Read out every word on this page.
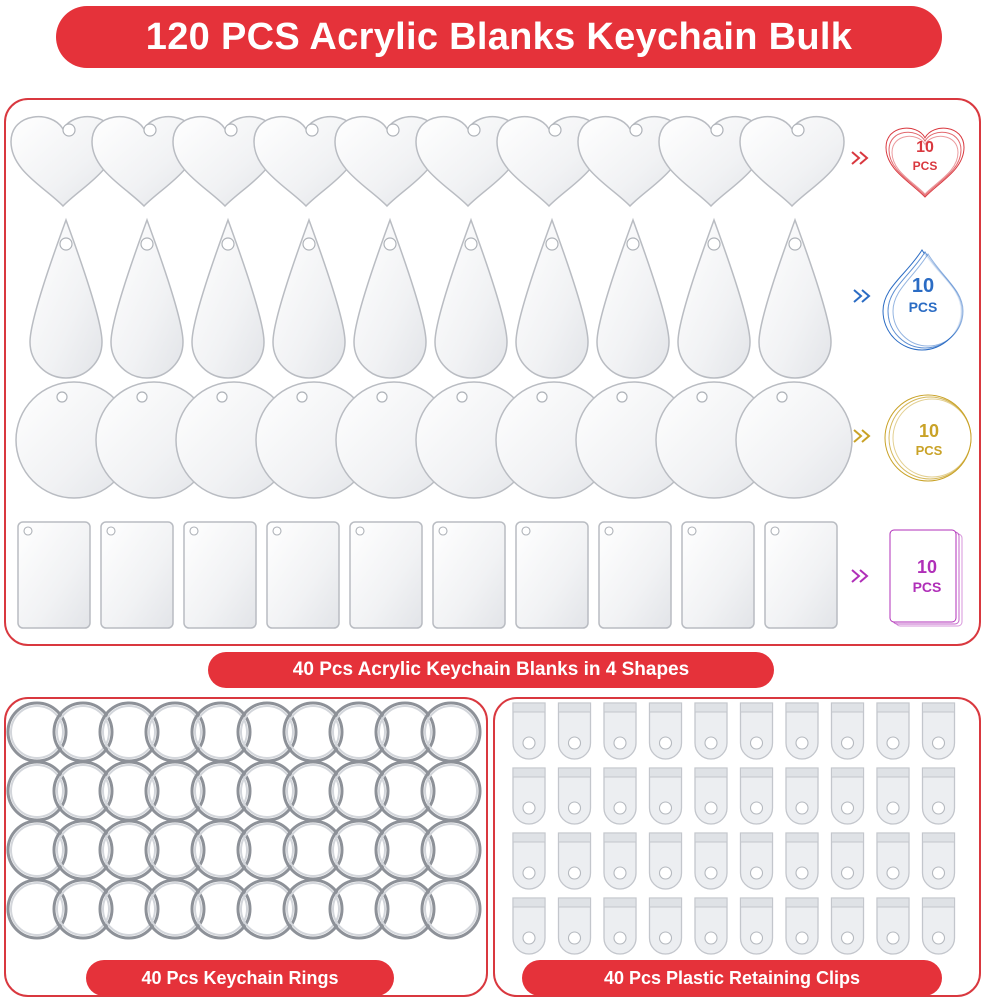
120 PCS Acrylic Blanks Keychain Bulk
10
PCS
10
PCS
10
PCS
10
PCS
40 Pcs Acrylic Keychain Blanks in 4 Shapes
40 Pcs Keychain Rings	40 Pcs Plastic Retaining Clips
